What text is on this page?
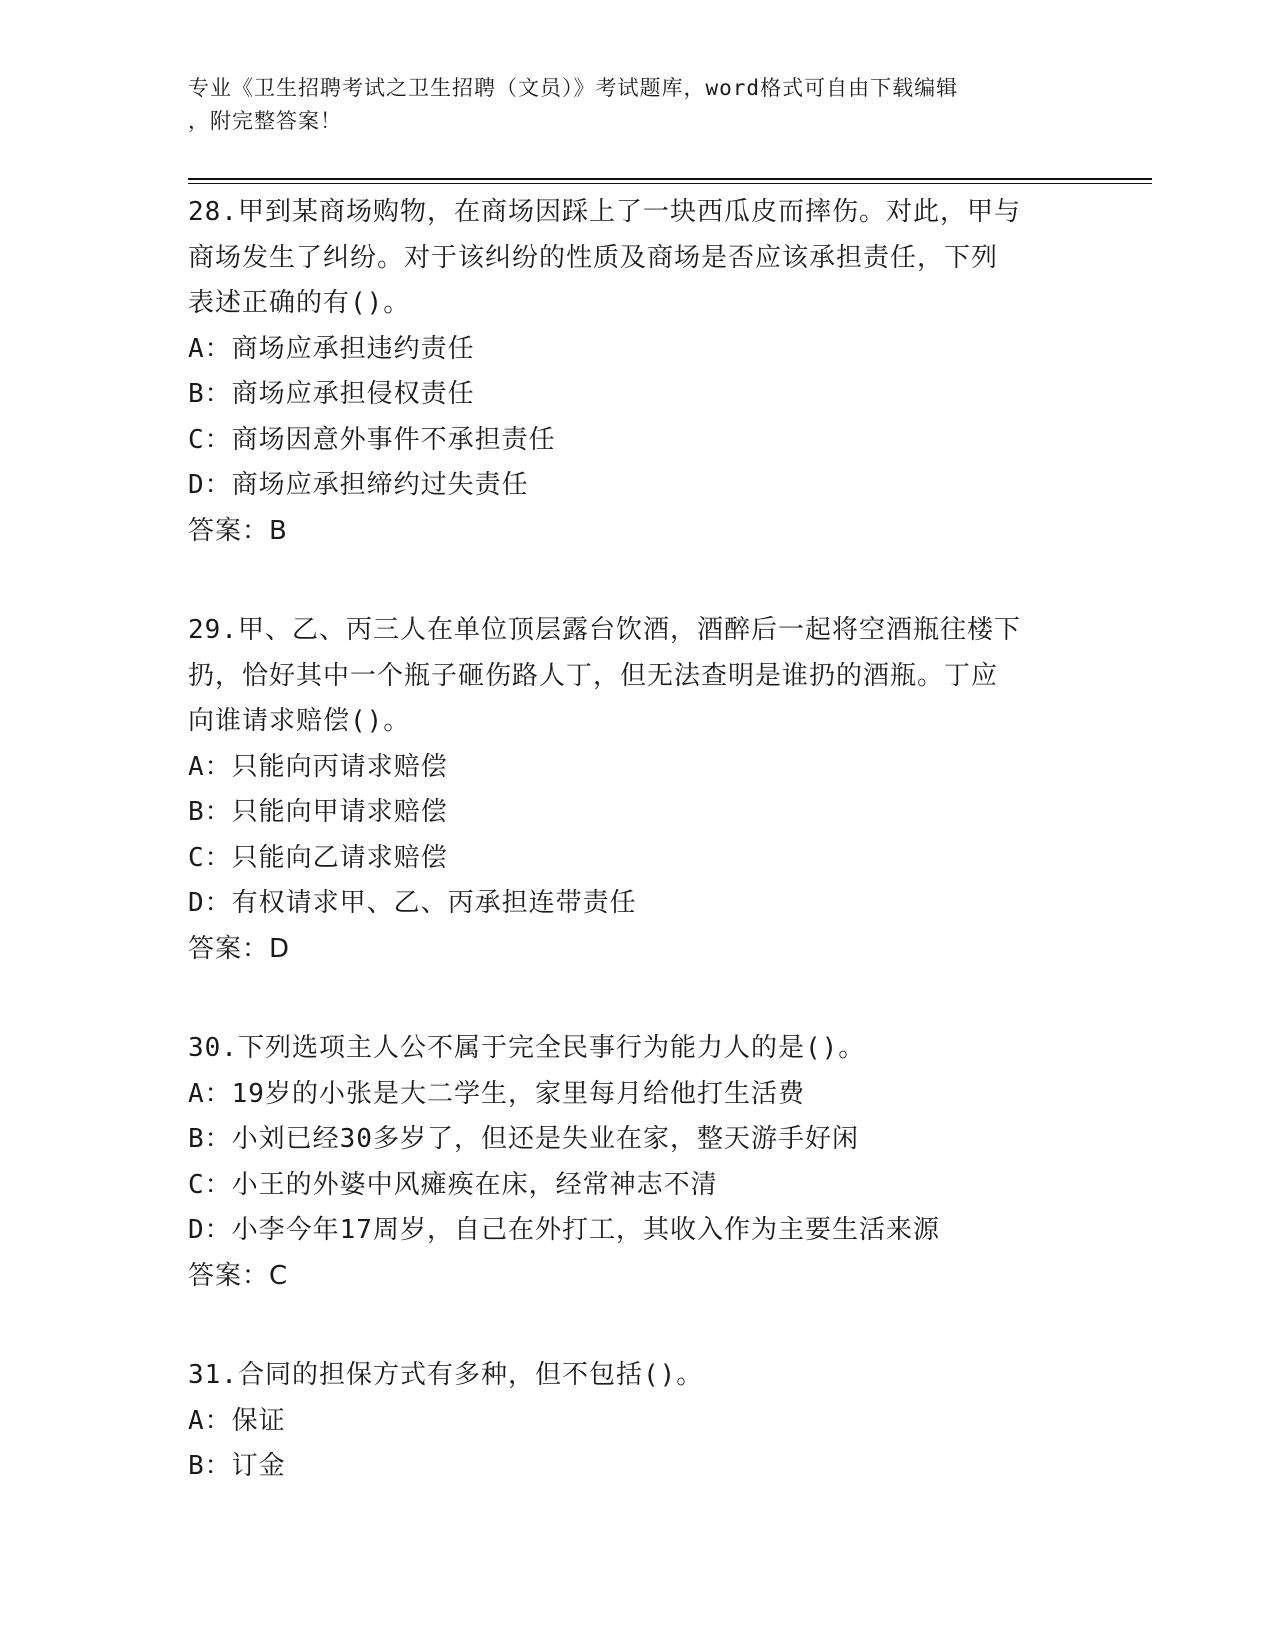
专业《卫生招聘考试之卫生招聘（文员）》考试题库，word格式可自由下载编辑
，附完整答案！

28.甲到某商场购物，在商场因踩上了一块西瓜皮而摔伤。对此，甲与

商场发生了纠纷。对于该纠纷的性质及商场是否应该承担责任，下列

表述正确的有()。

A：商场应承担违约责任

B：商场应承担侵权责任

C：商场因意外事件不承担责任

D：商场应承担缔约过失责任

答案：B

29.甲、乙、丙三人在单位顶层露台饮酒，酒醉后一起将空酒瓶往楼下

扔，恰好其中一个瓶子砸伤路人丁，但无法查明是谁扔的酒瓶。丁应

向谁请求赔偿()。

A：只能向丙请求赔偿

B：只能向甲请求赔偿

C：只能向乙请求赔偿

D：有权请求甲、乙、丙承担连带责任

答案：D

30.下列选项主人公不属于完全民事行为能力人的是()。

A：19岁的小张是大二学生，家里每月给他打生活费

B：小刘已经30多岁了，但还是失业在家，整天游手好闲

C：小王的外婆中风瘫痪在床，经常神志不清

D：小李今年17周岁，自己在外打工，其收入作为主要生活来源

答案：C

31.合同的担保方式有多种，但不包括()。

A：保证

B：订金
